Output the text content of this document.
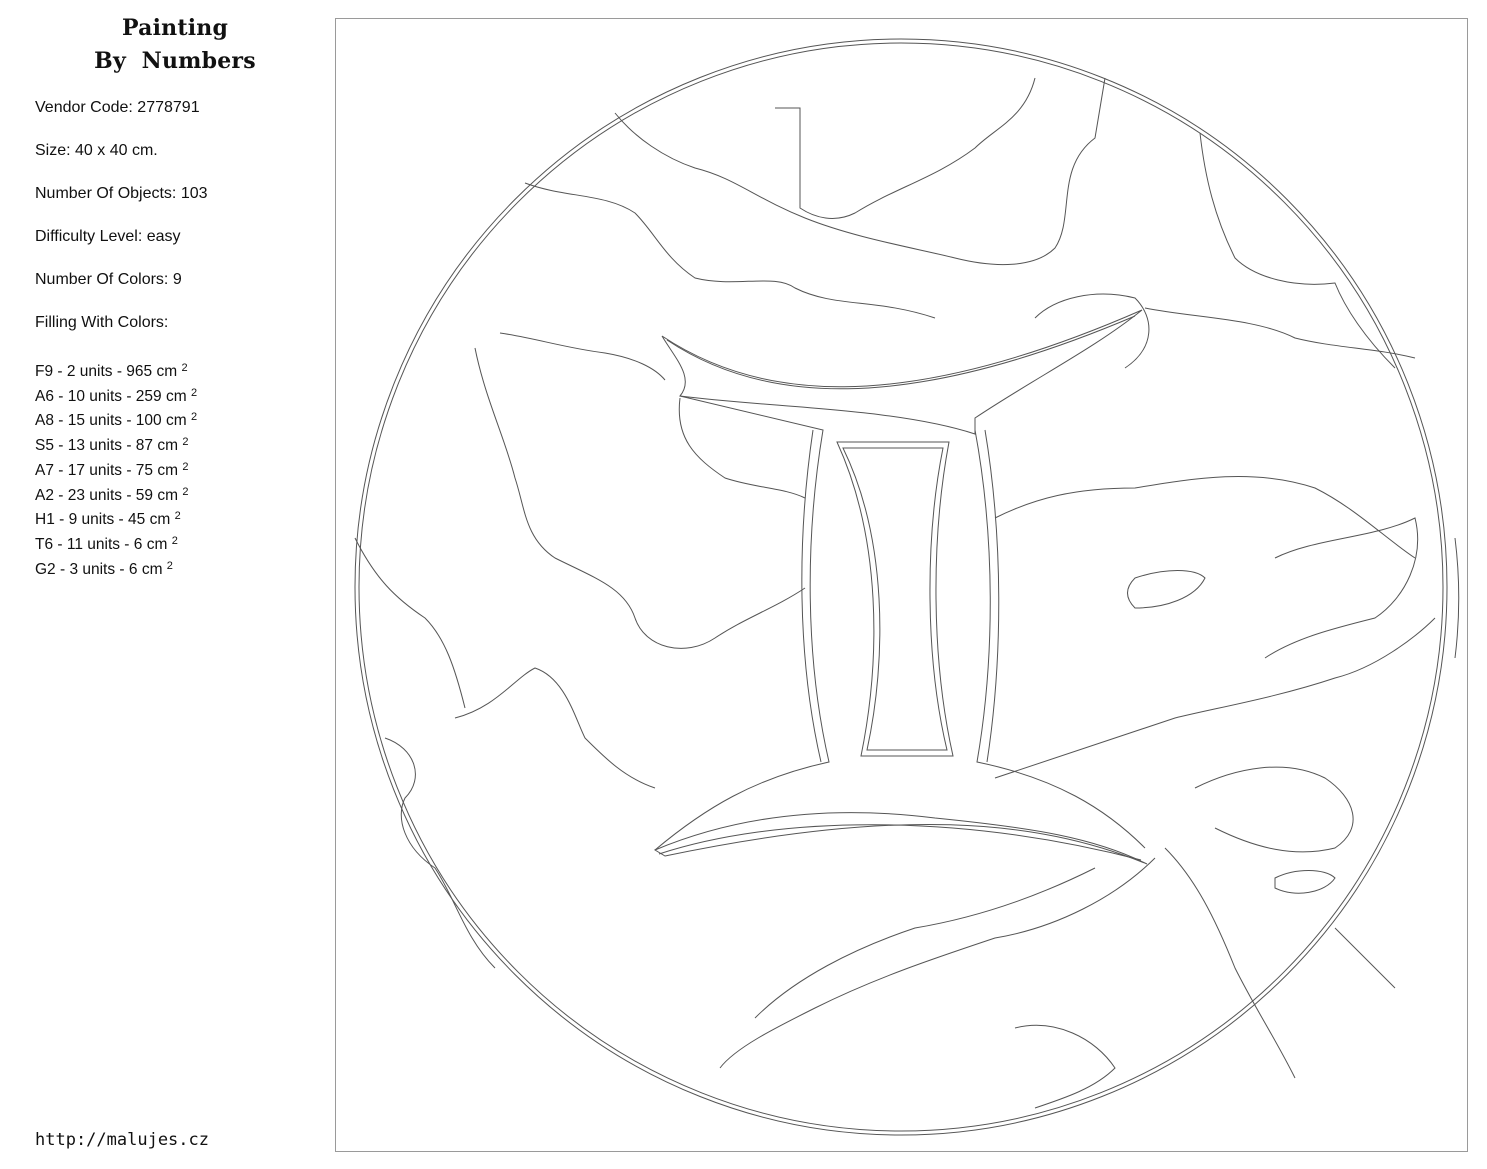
Painting
By  Numbers
Vendor Code: 2778791
Size: 40 x 40 cm.
Number Of Objects: 103
Difficulty Level: easy
Number Of Colors: 9
Filling With Colors:
F9 - 2 units - 965 cm $^2$
A6 - 10 units - 259 cm $^2$
A8 - 15 units - 100 cm $^2$
S5 - 13 units - 87 cm $^2$
A7 - 17 units - 75 cm $^2$
A2 - 23 units - 59 cm $^2$
H1 - 9 units - 45 cm $^2$
T6 - 11 units - 6 cm $^2$
G2 - 3 units - 6 cm $^2$
http://malujes.cz
